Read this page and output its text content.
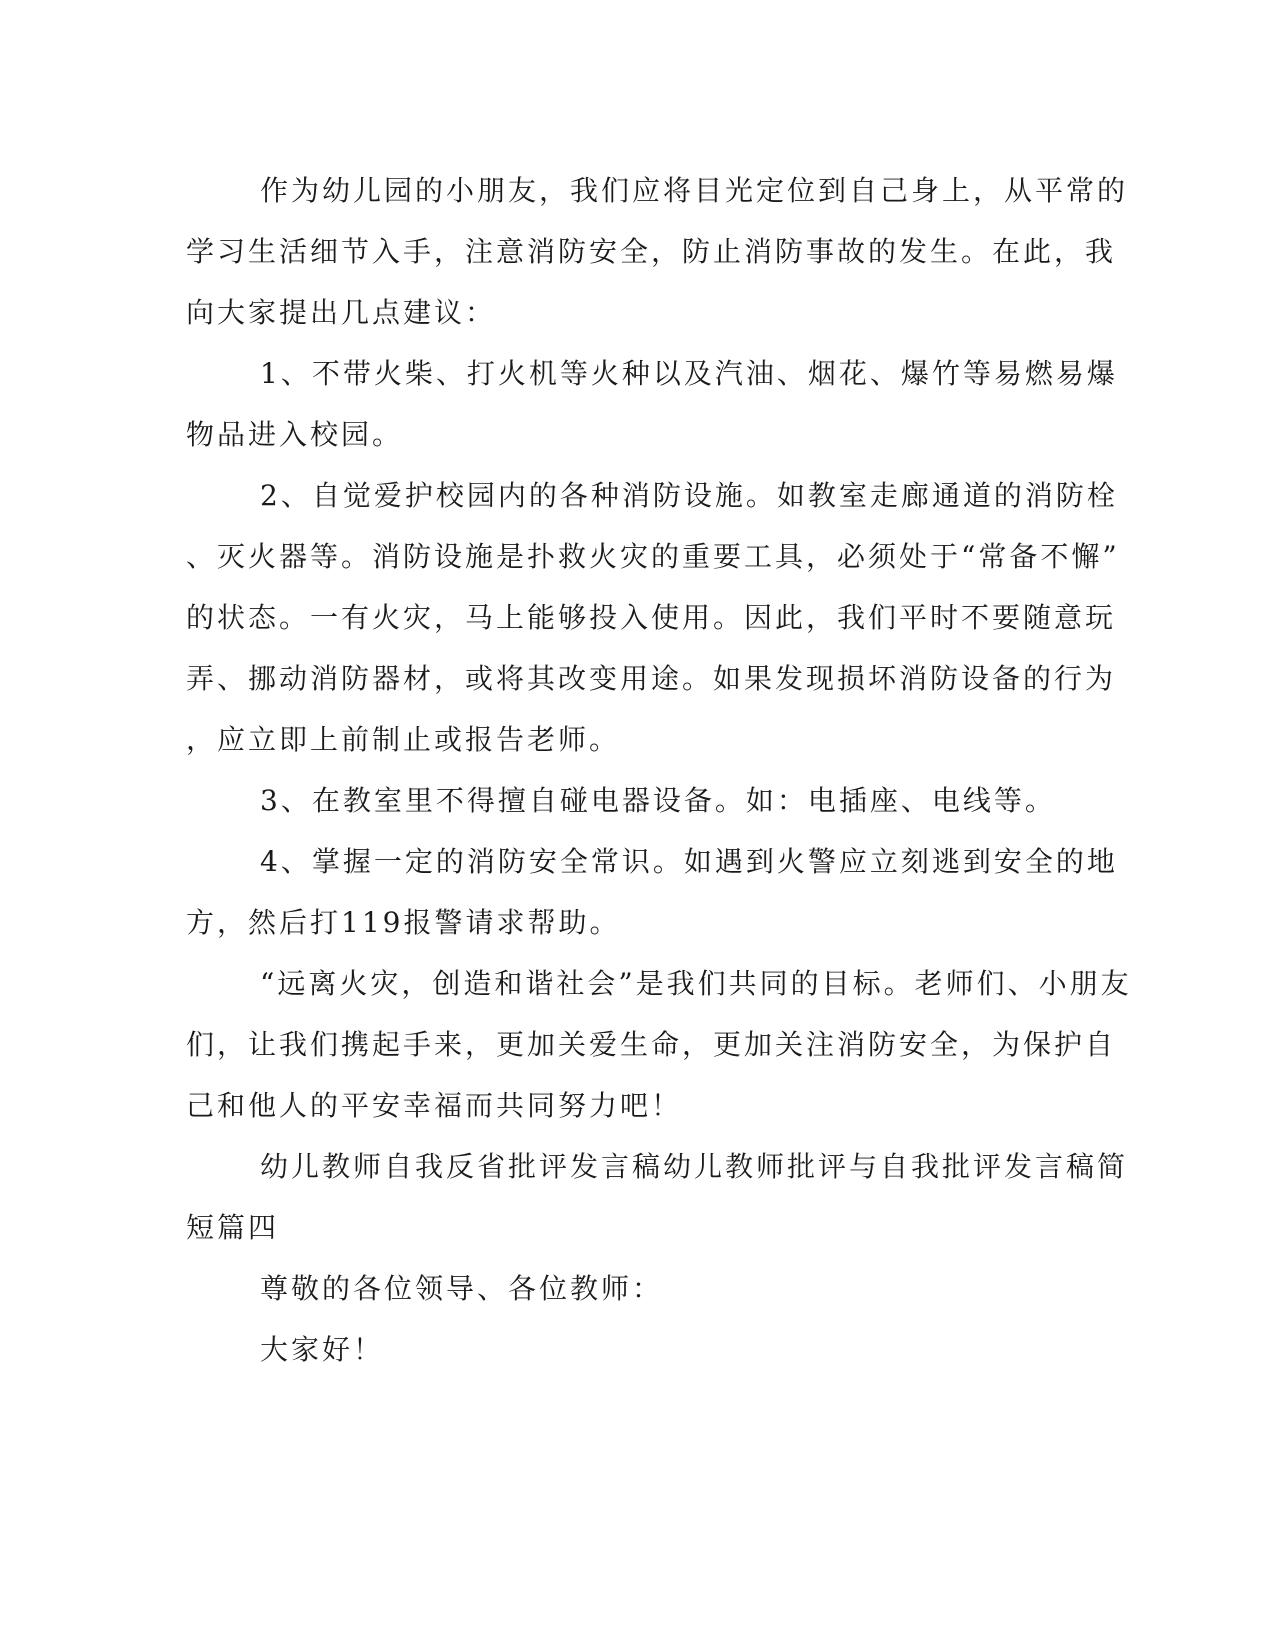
作为幼儿园的小朋友，我们应将目光定位到自己身上，从平常的
学习生活细节入手，注意消防安全，防止消防事故的发生。在此，我
向大家提出几点建议：
1、不带火柴、打火机等火种以及汽油、烟花、爆竹等易燃易爆
物品进入校园。
2、自觉爱护校园内的各种消防设施。如教室走廊通道的消防栓
、灭火器等。消防设施是扑救火灾的重要工具，必须处于“常备不懈”
的状态。一有火灾，马上能够投入使用。因此，我们平时不要随意玩
弄、挪动消防器材，或将其改变用途。如果发现损坏消防设备的行为
，应立即上前制止或报告老师。
3、在教室里不得擅自碰电器设备。如：电插座、电线等。
4、掌握一定的消防安全常识。如遇到火警应立刻逃到安全的地
方，然后打119报警请求帮助。
“远离火灾，创造和谐社会”是我们共同的目标。老师们、小朋友
们，让我们携起手来，更加关爱生命，更加关注消防安全，为保护自
己和他人的平安幸福而共同努力吧！
幼儿教师自我反省批评发言稿幼儿教师批评与自我批评发言稿简
短篇四
尊敬的各位领导、各位教师：
大家好！
